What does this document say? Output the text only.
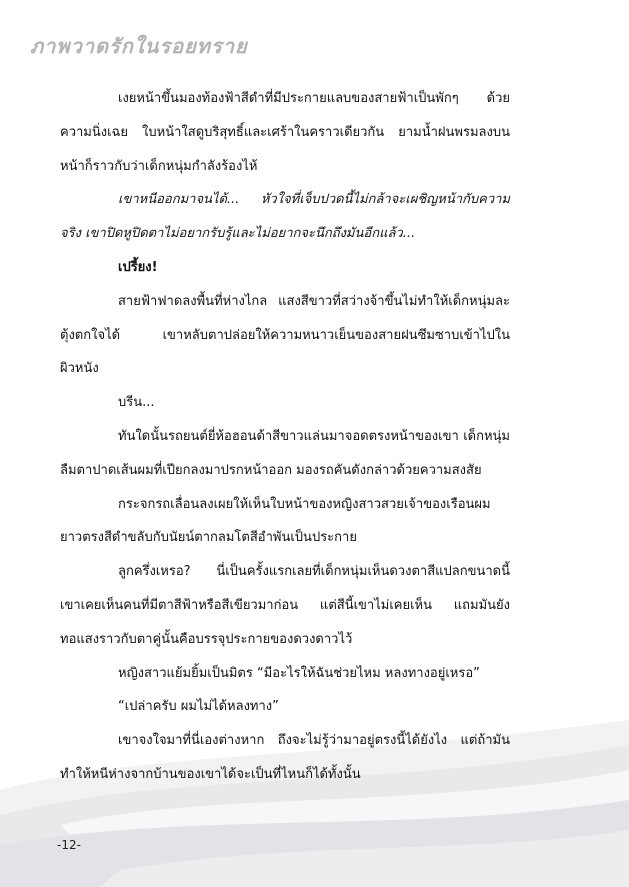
ภาพวาดรักในรอยทราย

เงยหน้าขึ้นมองท้องฟ้าสีดำที่มีประกายแลบของสายฟ้าเป็นพักๆ ด้วยความนิ่งเฉย ใบหน้าใสดูบริสุทธิ์และเศร้าในคราวเดียวกัน ยามน้ำฝนพรมลงบนหน้าก็ราวกับว่าเด็กหนุ่มกำลังร้องไห้

เขาหนีออกมาจนได้... หัวใจที่เจ็บปวดนี้ไม่กล้าจะเผชิญหน้ากับความจริง เขาปิดหูปิดตาไม่อยากรับรู้และไม่อยากจะนึกถึงมันอีกแล้ว...

เปรี้ยง!

สายฟ้าฟาดลงพื้นที่ห่างไกล แสงสีขาวที่สว่างจ้าขึ้นไม่ทำให้เด็กหนุ่มละตุ้งตกใจได้ เขาหลับตาปล่อยให้ความหนาวเย็นของสายฝนซึมซาบเข้าไปในผิวหนัง

บรีน...

ทันใดนั้นรถยนต์ยี่ห้อฮอนด้าสีขาวแล่นมาจอดตรงหน้าของเขา เด็กหนุ่มลืมตาปาดเส้นผมที่เปียกลงมาปรกหน้าออก มองรถคันดังกล่าวด้วยความสงสัย

กระจกรถเลื่อนลงเผยให้เห็นใบหน้าของหญิงสาวสวยเจ้าของเรือนผมยาวตรงสีดำขลับกับนัยน์ตากลมโตสีอำพันเป็นประกาย

ลูกครึ่งเหรอ? นี่เป็นครั้งแรกเลยที่เด็กหนุ่มเห็นดวงตาสีแปลกขนาดนี้ เขาเคยเห็นคนที่มีตาสีฟ้าหรือสีเขียวมาก่อน แต่สีนี้เขาไม่เคยเห็น แถมมันยังทอแสงราวกับตาคู่นั้นคือบรรจุประกายของดวงดาวไว้

หญิงสาวแย้มยิ้มเป็นมิตร “มีอะไรให้ฉันช่วยไหม หลงทางอยู่เหรอ”

“เปล่าครับ ผมไม่ได้หลงทาง”

เขาจงใจมาที่นี่เองต่างหาก ถึงจะไม่รู้ว่ามาอยู่ตรงนี้ได้ยังไง แต่ถ้ามันทำให้หนีห่างจากบ้านของเขาได้จะเป็นที่ไหนก็ได้ทั้งนั้น

-12-
